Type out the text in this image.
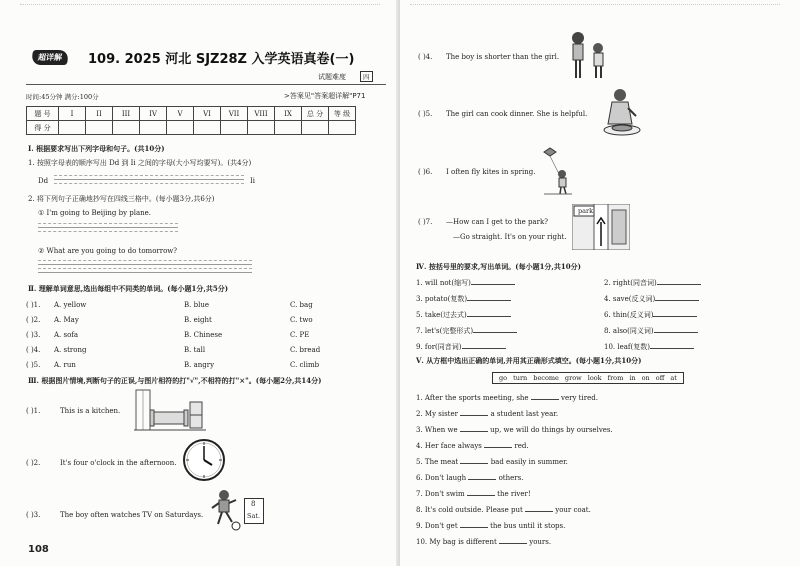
超详解	109. 2025 河北 SJZ28Z 入学英语真卷(一)
试题难度	四
时间:45分钟 满分:100分	>答案见"答案超详解"P71
题 号	I	II	III	IV	V	VI	VII	VIII	IX	总 分	等 级
得 分											
Ⅰ. 根据要求写出下列字母和句子。(共10分)
1. 按照字母表的顺序写出 Dd 到 Ii 之间的字母(大小写均要写)。(共4分)
Dd	Ii
2. 将下列句子正确地抄写在四线三格中。(每小题3分,共6分)
① I'm going to Beijing by plane.
② What are you going to do tomorrow?
Ⅱ. 理解单词意思,选出每组中不同类的单词。(每小题1分,共5分)
( )1. A. yellow	B. blue	C. bag
( )2. A. May	B. eight	C. two
( )3. A. sofa	B. Chinese	C. PE
( )4. A. strong	B. tall	C. bread
( )5. A. run	B. angry	C. climb
Ⅲ. 根据图片情境,判断句子的正误,与图片相符的打"√",不相符的打"×"。(每小题2分,共14分)
( )1.	This is a kitchen.
( )2.	It's four o'clock in the afternoon.
( )3.	The boy often watches TV on Saturdays.
8
Sat.
108
( )4. The boy is shorter than the girl.
( )5. The girl can cook dinner. She is helpful.
( )6. I often fly kites in spring.
( )7. —How can I get to the park?
—Go straight. It's on your right.
park
Ⅳ. 按括号里的要求,写出单词。(每小题1分,共10分)
1. will not(缩写)	2. right(同音词)
3. potato(复数)	4. save(反义词)
5. take(过去式)	6. thin(反义词)
7. let's(完整形式)	8. also(同义词)
9. for(同音词)	10. leaf(复数)
Ⅴ. 从方框中选出正确的单词,并用其正确形式填空。(每小题1分,共10分)
go turn become grow look from in on off at
1. After the sports meeting, she	very tired.
2. My sister	a student last year.
3. When we	up, we will do things by ourselves.
4. Her face always	red.
5. The meat	bad easily in summer.
6. Don't laugh	others.
7. Don't swim	the river!
8. It's cold outside. Please put	your coat.
9. Don't get	the bus until it stops.
10. My bag is different	yours.
